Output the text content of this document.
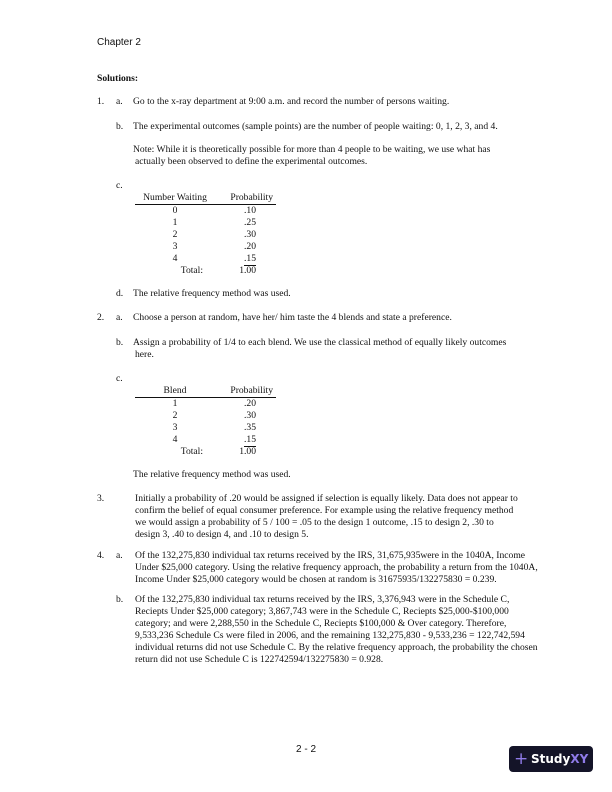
Chapter 2
Solutions:
1. a. Go to the x-ray department at 9:00 a.m. and record the number of persons waiting.
b. The experimental outcomes (sample points) are the number of people waiting: 0, 1, 2, 3, and 4.
Note: While it is theoretically possible for more than 4 people to be waiting, we use what has
actually been observed to define the experimental outcomes.
c.
Number Waiting	Probability
0	.10
1	.25
2	.30
3	.20
4	.15
Total:	1.00
d. The relative frequency method was used.
2. a. Choose a person at random, have her/ him taste the 4 blends and state a preference.
b. Assign a probability of 1/4 to each blend. We use the classical method of equally likely outcomes
here.
c.
Blend	Probability
1	.20
2	.30
3	.35
4	.15
Total:	1.00
The relative frequency method was used.
3.	Initially a probability of .20 would be assigned if selection is equally likely. Data does not appear to
confirm the belief of equal consumer preference. For example using the relative frequency method
we would assign a probability of 5 / 100 = .05 to the design 1 outcome, .15 to design 2, .30 to
design 3, .40 to design 4, and .10 to design 5.
4. a. Of the 132,275,830 individual tax returns received by the IRS, 31,675,935were in the 1040A, Income
Under $25,000 category. Using the relative frequency approach, the probability a return from the 1040A,
Income Under $25,000 category would be chosen at random is 31675935/132275830 = 0.239.
b. Of the 132,275,830 individual tax returns received by the IRS, 3,376,943 were in the Schedule C,
Reciepts Under $25,000 category; 3,867,743 were in the Schedule C, Reciepts $25,000-$100,000
category; and were 2,288,550 in the Schedule C, Reciepts $100,000 & Over category. Therefore,
9,533,236 Schedule Cs were filed in 2006, and the remaining 132,275,830 - 9,533,236 = 122,742,594
individual returns did not use Schedule C. By the relative frequency approach, the probability the chosen
return did not use Schedule C is 122742594/132275830 = 0.928.
2 - 2	+ StudyXY
